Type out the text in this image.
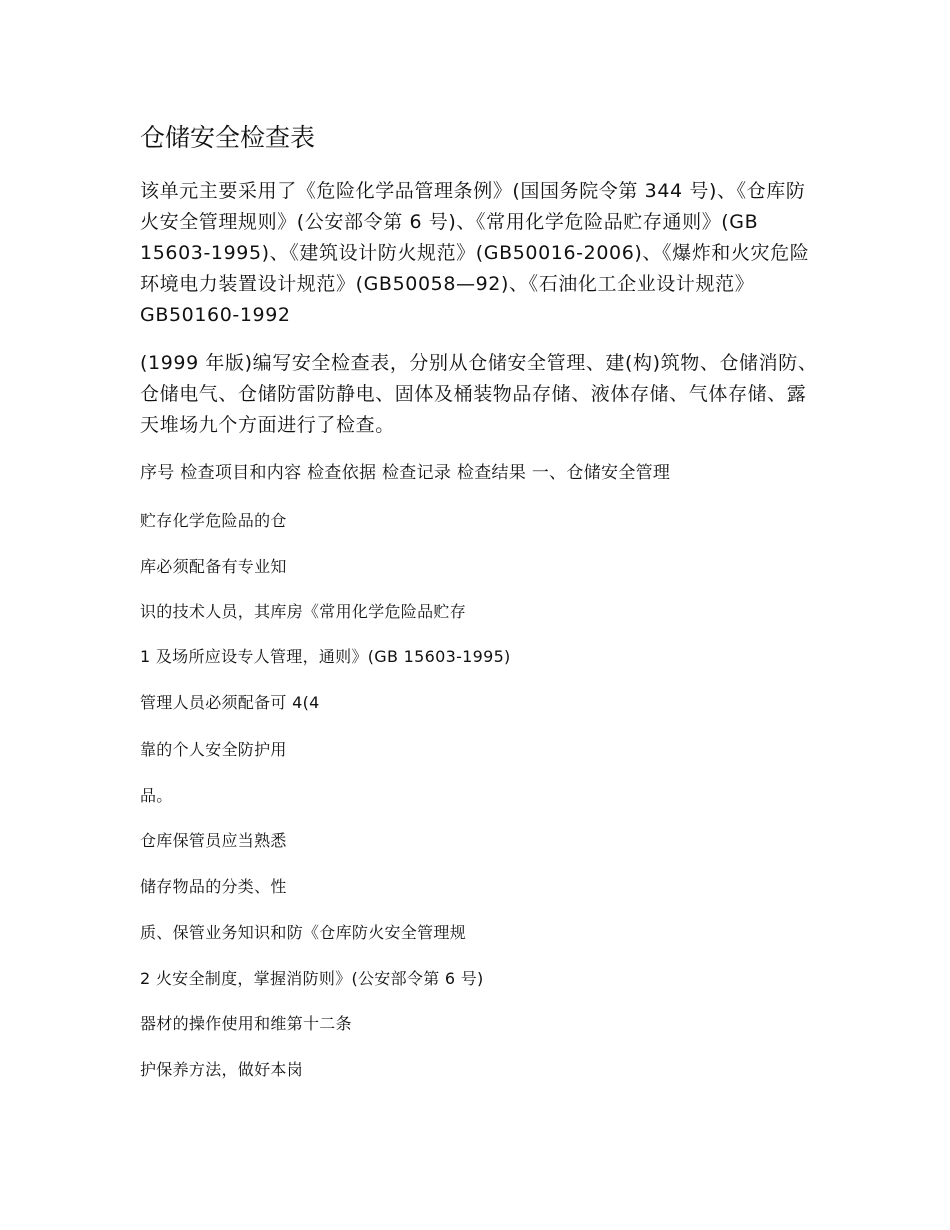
仓储安全检查表

该单元主要采用了《危险化学品管理条例》(国国务院令第 344 号)、《仓库防火安全管理规则》(公安部令第 6 号)、《常用化学危险品贮存通则》(GB 15603-1995)、《建筑设计防火规范》(GB50016-2006)、《爆炸和火灾危险环境电力装置设计规范》(GB50058—92)、《石油化工企业设计规范》GB50160-1992

(1999 年版)编写安全检查表，分别从仓储安全管理、建(构)筑物、仓储消防、仓储电气、仓储防雷防静电、固体及桶装物品存储、液体存储、气体存储、露天堆场九个方面进行了检查。

序号 检查项目和内容 检查依据 检查记录 检查结果 一、仓储安全管理

贮存化学危险品的仓

库必须配备有专业知

识的技术人员，其库房《常用化学危险品贮存

1 及场所应设专人管理，通则》(GB 15603-1995)

管理人员必须配备可 4(4

靠的个人安全防护用

品。

仓库保管员应当熟悉

储存物品的分类、性

质、保管业务知识和防《仓库防火安全管理规

2 火安全制度，掌握消防则》(公安部令第 6 号)

器材的操作使用和维第十二条

护保养方法，做好本岗
